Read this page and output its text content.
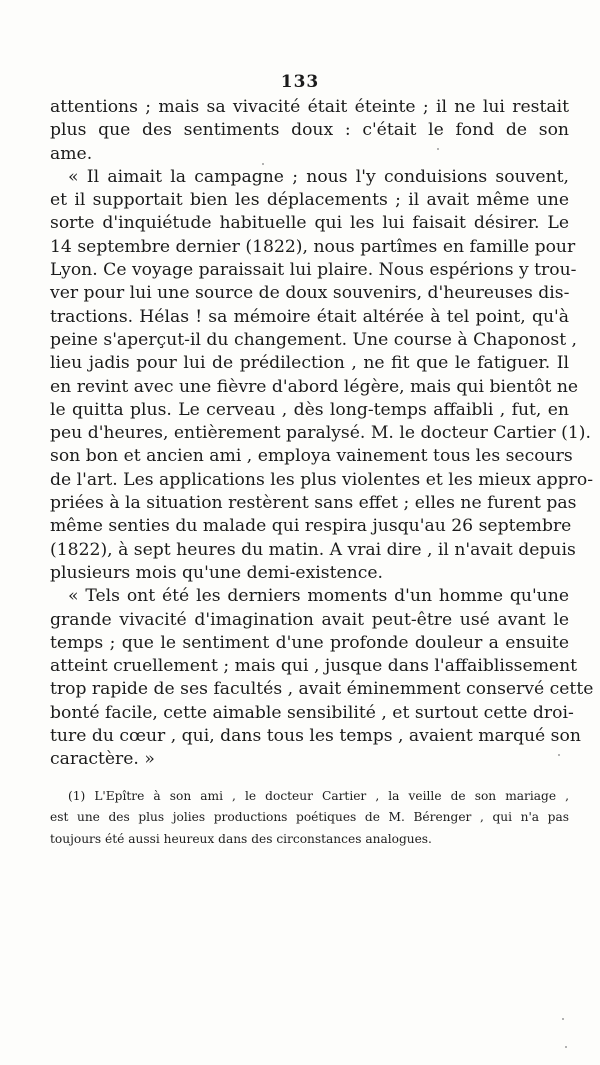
133
attentions ; mais sa vivacité était éteinte ; il ne lui restait
plus que des sentiments doux : c'était le fond de son
ame.
« Il aimait la campagne ; nous l'y conduisions souvent,
et il supportait bien les déplacements ; il avait même une
sorte d'inquiétude habituelle qui les lui faisait désirer. Le
14 septembre dernier (1822), nous partîmes en famille pour
Lyon. Ce voyage paraissait lui plaire. Nous espérions y trou-
ver pour lui une source de doux souvenirs, d'heureuses dis-
tractions. Hélas ! sa mémoire était altérée à tel point, qu'à
peine s'aperçut-il du changement. Une course à Chaponost ,
lieu jadis pour lui de prédilection , ne fit que le fatiguer. Il
en revint avec une fièvre d'abord légère, mais qui bientôt ne
le quitta plus. Le cerveau , dès long-temps affaibli , fut, en
peu d'heures, entièrement paralysé. M. le docteur Cartier (1).
son bon et ancien ami , employa vainement tous les secours
de l'art. Les applications les plus violentes et les mieux appro-
priées à la situation restèrent sans effet ; elles ne furent pas
même senties du malade qui respira jusqu'au 26 septembre
(1822), à sept heures du matin. A vrai dire , il n'avait depuis
plusieurs mois qu'une demi-existence.
« Tels ont été les derniers moments d'un homme qu'une
grande vivacité d'imagination avait peut-être usé avant le
temps ; que le sentiment d'une profonde douleur a ensuite
atteint cruellement ; mais qui , jusque dans l'affaiblissement
trop rapide de ses facultés , avait éminemment conservé cette
bonté facile, cette aimable sensibilité , et surtout cette droi-
ture du cœur , qui, dans tous les temps , avaient marqué son
caractère. »
(1) L'Epître à son ami , le docteur Cartier , la veille de son mariage ,
est une des plus jolies productions poétiques de M. Bérenger , qui n'a pas
toujours été aussi heureux dans des circonstances analogues.
